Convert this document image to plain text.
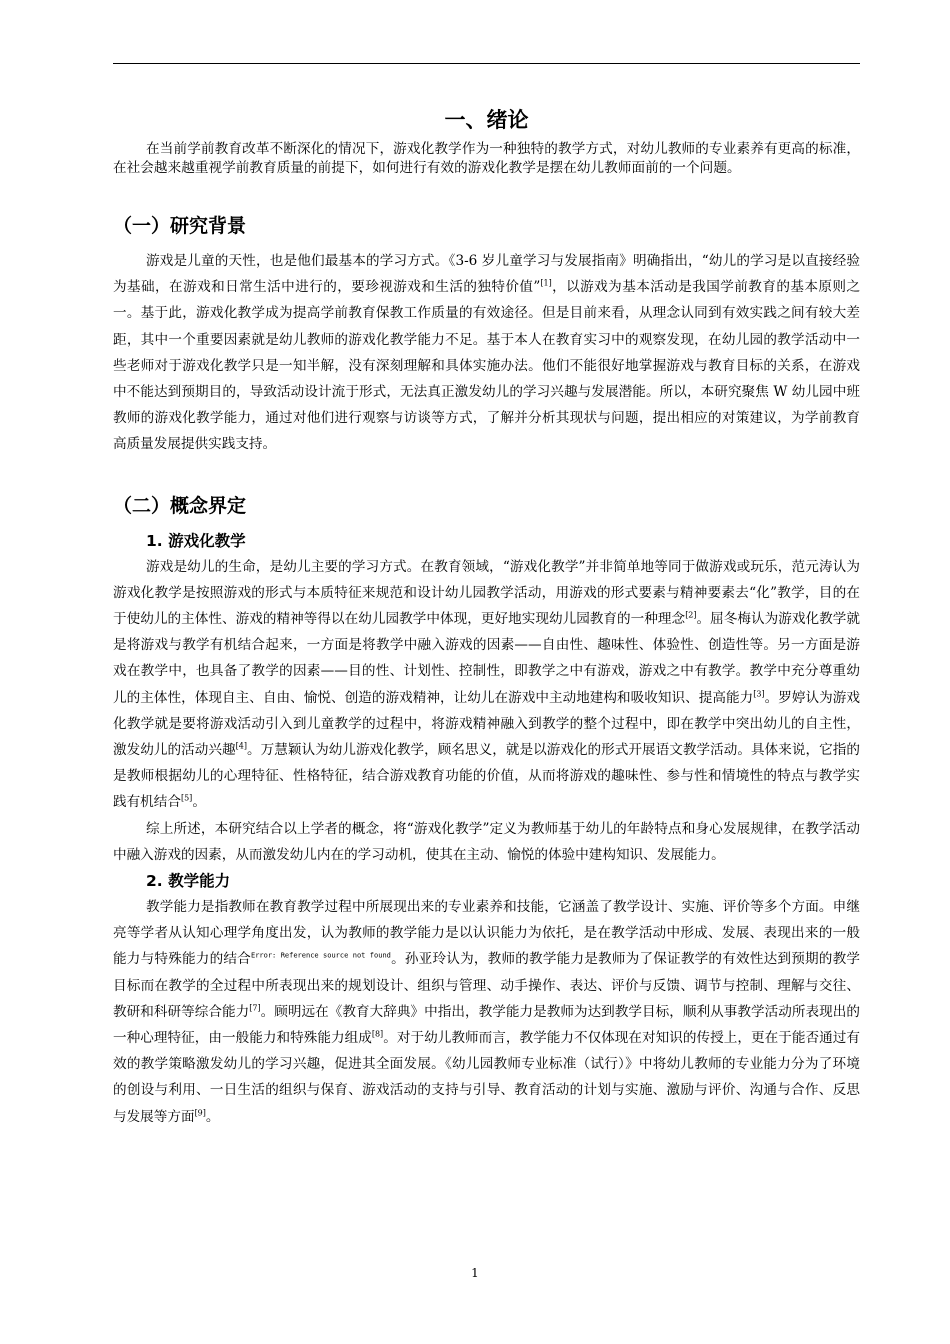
一、绪论

在当前学前教育改革不断深化的情况下，游戏化教学作为一种独特的教学方式，对幼儿教师的专业素养有更高的标准，在社会越来越重视学前教育质量的前提下，如何进行有效的游戏化教学是摆在幼儿教师面前的一个问题。

（一）研究背景

游戏是儿童的天性，也是他们最基本的学习方式。《3-6 岁儿童学习与发展指南》明确指出，“幼儿的学习是以直接经验为基础，在游戏和日常生活中进行的，要珍视游戏和生活的独特价值”[1]，以游戏为基本活动是我国学前教育的基本原则之一。基于此，游戏化教学成为提高学前教育保教工作质量的有效途径。但是目前来看，从理念认同到有效实践之间有较大差距，其中一个重要因素就是幼儿教师的游戏化教学能力不足。基于本人在教育实习中的观察发现，在幼儿园的教学活动中一些老师对于游戏化教学只是一知半解，没有深刻理解和具体实施办法。他们不能很好地掌握游戏与教育目标的关系，在游戏中不能达到预期目的，导致活动设计流于形式，无法真正激发幼儿的学习兴趣与发展潜能。所以，本研究聚焦 W 幼儿园中班教师的游戏化教学能力，通过对他们进行观察与访谈等方式，了解并分析其现状与问题，提出相应的对策建议，为学前教育高质量发展提供实践支持。

（二）概念界定
1. 游戏化教学

游戏是幼儿的生命，是幼儿主要的学习方式。在教育领域，“游戏化教学”并非简单地等同于做游戏或玩乐，范元涛认为游戏化教学是按照游戏的形式与本质特征来规范和设计幼儿园教学活动，用游戏的形式要素与精神要素去“化”教学，目的在于使幼儿的主体性、游戏的精神等得以在幼儿园教学中体现，更好地实现幼儿园教育的一种理念[2]。屈冬梅认为游戏化教学就是将游戏与教学有机结合起来，一方面是将教学中融入游戏的因素——自由性、趣味性、体验性、创造性等。另一方面是游戏在教学中，也具备了教学的因素——目的性、计划性、控制性，即教学之中有游戏，游戏之中有教学。教学中充分尊重幼儿的主体性，体现自主、自由、愉悦、创造的游戏精神，让幼儿在游戏中主动地建构和吸收知识、提高能力[3]。罗婷认为游戏化教学就是要将游戏活动引入到儿童教学的过程中，将游戏精神融入到教学的整个过程中，即在教学中突出幼儿的自主性，激发幼儿的活动兴趣[4]。万慧颖认为幼儿游戏化教学，顾名思义，就是以游戏化的形式开展语文教学活动。具体来说，它指的是教师根据幼儿的心理特征、性格特征，结合游戏教育功能的价值，从而将游戏的趣味性、参与性和情境性的特点与教学实践有机结合[5]。

综上所述，本研究结合以上学者的概念，将“游戏化教学”定义为教师基于幼儿的年龄特点和身心发展规律，在教学活动中融入游戏的因素，从而激发幼儿内在的学习动机，使其在主动、愉悦的体验中建构知识、发展能力。

2. 教学能力

教学能力是指教师在教育教学过程中所展现出来的专业素养和技能，它涵盖了教学设计、实施、评价等多个方面。申继亮等学者从认知心理学角度出发，认为教师的教学能力是以认识能力为依托，是在教学活动中形成、发展、表现出来的一般能力与特殊能力的结合$^{Error: Reference source not found}$。孙亚玲认为，教师的教学能力是教师为了保证教学的有效性达到预期的教学目标而在教学的全过程中所表现出来的规划设计、组织与管理、动手操作、表达、评价与反馈、调节与控制、理解与交往、教研和科研等综合能力[7]。顾明远在《教育大辞典》中指出，教学能力是教师为达到教学目标，顺利从事教学活动所表现出的一种心理特征，由一般能力和特殊能力组成[8]。对于幼儿教师而言，教学能力不仅体现在对知识的传授上，更在于能否通过有效的教学策略激发幼儿的学习兴趣，促进其全面发展。《幼儿园教师专业标准（试行）》中将幼儿教师的专业能力分为了环境的创设与利用、一日生活的组织与保育、游戏活动的支持与引导、教育活动的计划与实施、激励与评价、沟通与合作、反思与发展等方面[9]。

1
